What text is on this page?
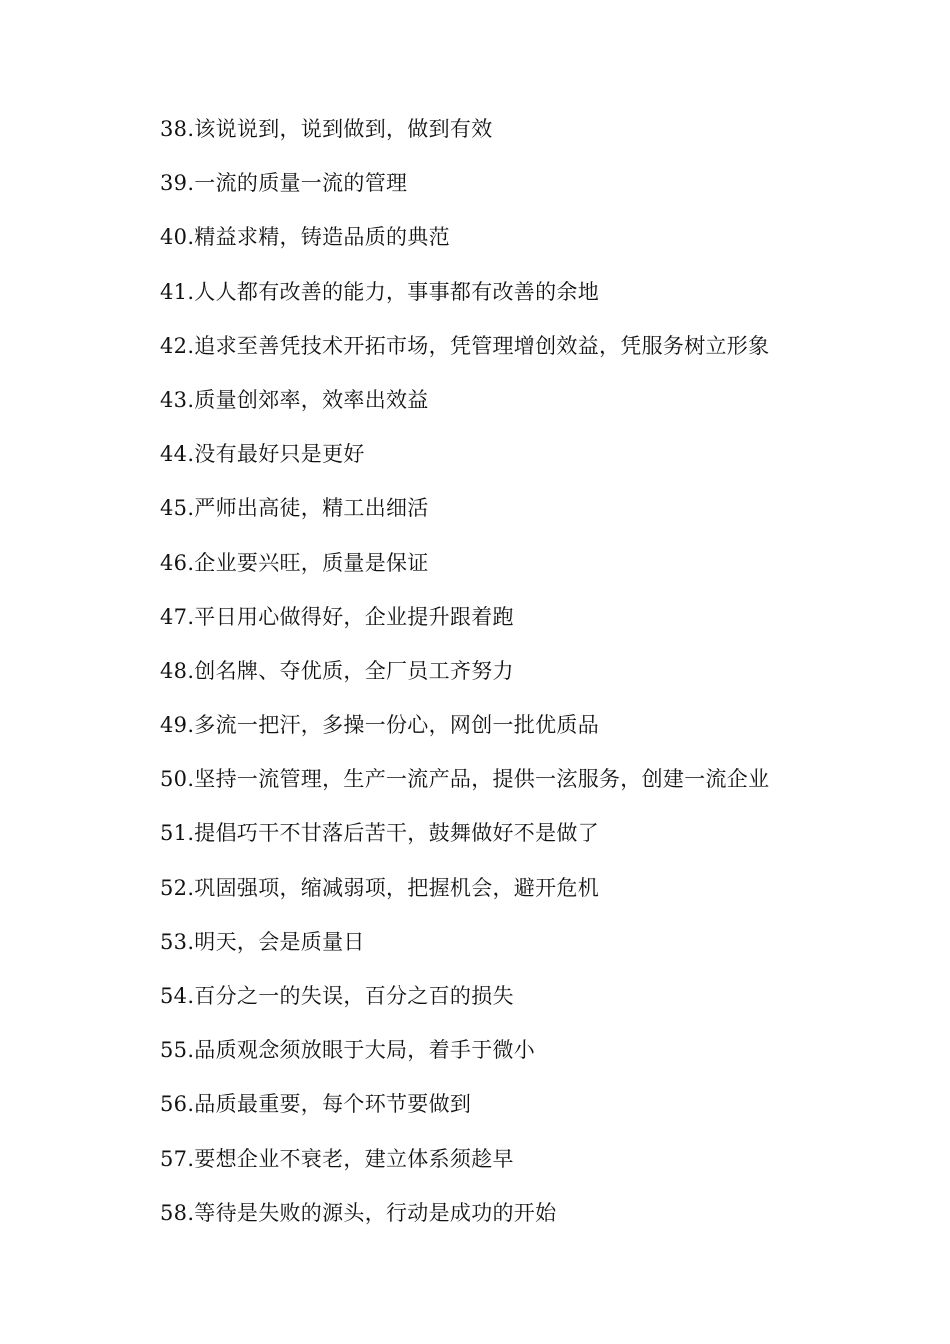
38.该说说到，说到做到，做到有效
39.一流的质量一流的管理
40.精益求精，铸造品质的典范
41.人人都有改善的能力，事事都有改善的余地
42.追求至善凭技术开拓市场，凭管理增创效益，凭服务树立形象
43.质量创郊率，效率出效益
44.没有最好只是更好
45.严师出高徒，精工出细活
46.企业要兴旺，质量是保证
47.平日用心做得好，企业提升跟着跑
48.创名牌、夺优质，全厂员工齐努力
49.多流一把汗，多操一份心，网创一批优质品
50.坚持一流管理，生产一流产品，提供一泫服务，创建一流企业
51.提倡巧干不甘落后苦干，鼓舞做好不是做了
52.巩固强项，缩减弱项，把握机会，避开危机
53.明天，会是质量日
54.百分之一的失误，百分之百的损失
55.品质观念须放眼于大局，着手于微小
56.品质最重要，每个环节要做到
57.要想企业不衰老，建立体系须趁早
58.等待是失败的源头，行动是成功的开始
